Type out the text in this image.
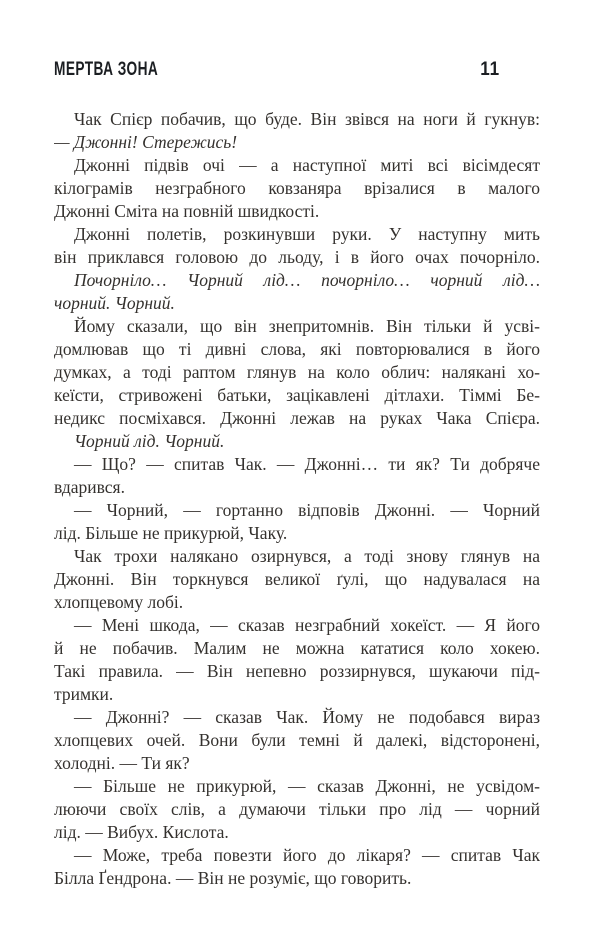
МЕРТВА ЗОНА	11
Чак Спієр побачив, що буде. Він звівся на ноги й гукнув:
— Джонні! Стережись!
Джонні підвів очі — а наступної миті всі вісімдесят
кілограмів незграбного ковзаняра врізалися в малого
Джонні Сміта на повній швидкості.
Джонні полетів, розкинувши руки. У наступну мить
він приклався головою до льоду, і в його очах почорніло.
Почорніло… Чорний лід… почорніло… чорний лід…
чорний. Чорний.
Йому сказали, що він знепритомнів. Він тільки й усві-
домлював що ті дивні слова, які повторювалися в його
думках, а тоді раптом глянув на коло облич: налякані хо-
кеїсти, стривожені батьки, зацікавлені дітлахи. Тіммі Бе-
недикс посміхався. Джонні лежав на руках Чака Спієра.
Чорний лід. Чорний.
— Що? — спитав Чак. — Джонні… ти як? Ти добряче
вдарився.
— Чорний, — гортанно відповів Джонні. — Чорний
лід. Більше не прикурюй, Чаку.
Чак трохи налякано озирнувся, а тоді знову глянув на
Джонні. Він торкнувся великої ґулі, що надувалася на
хлопцевому лобі.
— Мені шкода, — сказав незграбний хокеїст. — Я його
й не побачив. Малим не можна кататися коло хокею.
Такі правила. — Він непевно роззирнувся, шукаючи під-
тримки.
— Джонні? — сказав Чак. Йому не подобався вираз
хлопцевих очей. Вони були темні й далекі, відсторонені,
холодні. — Ти як?
— Більше не прикурюй, — сказав Джонні, не усвідом-
люючи своїх слів, а думаючи тільки про лід — чорний
лід. — Вибух. Кислота.
— Може, треба повезти його до лікаря? — спитав Чак
Білла Ґендрона. — Він не розуміє, що говорить.
